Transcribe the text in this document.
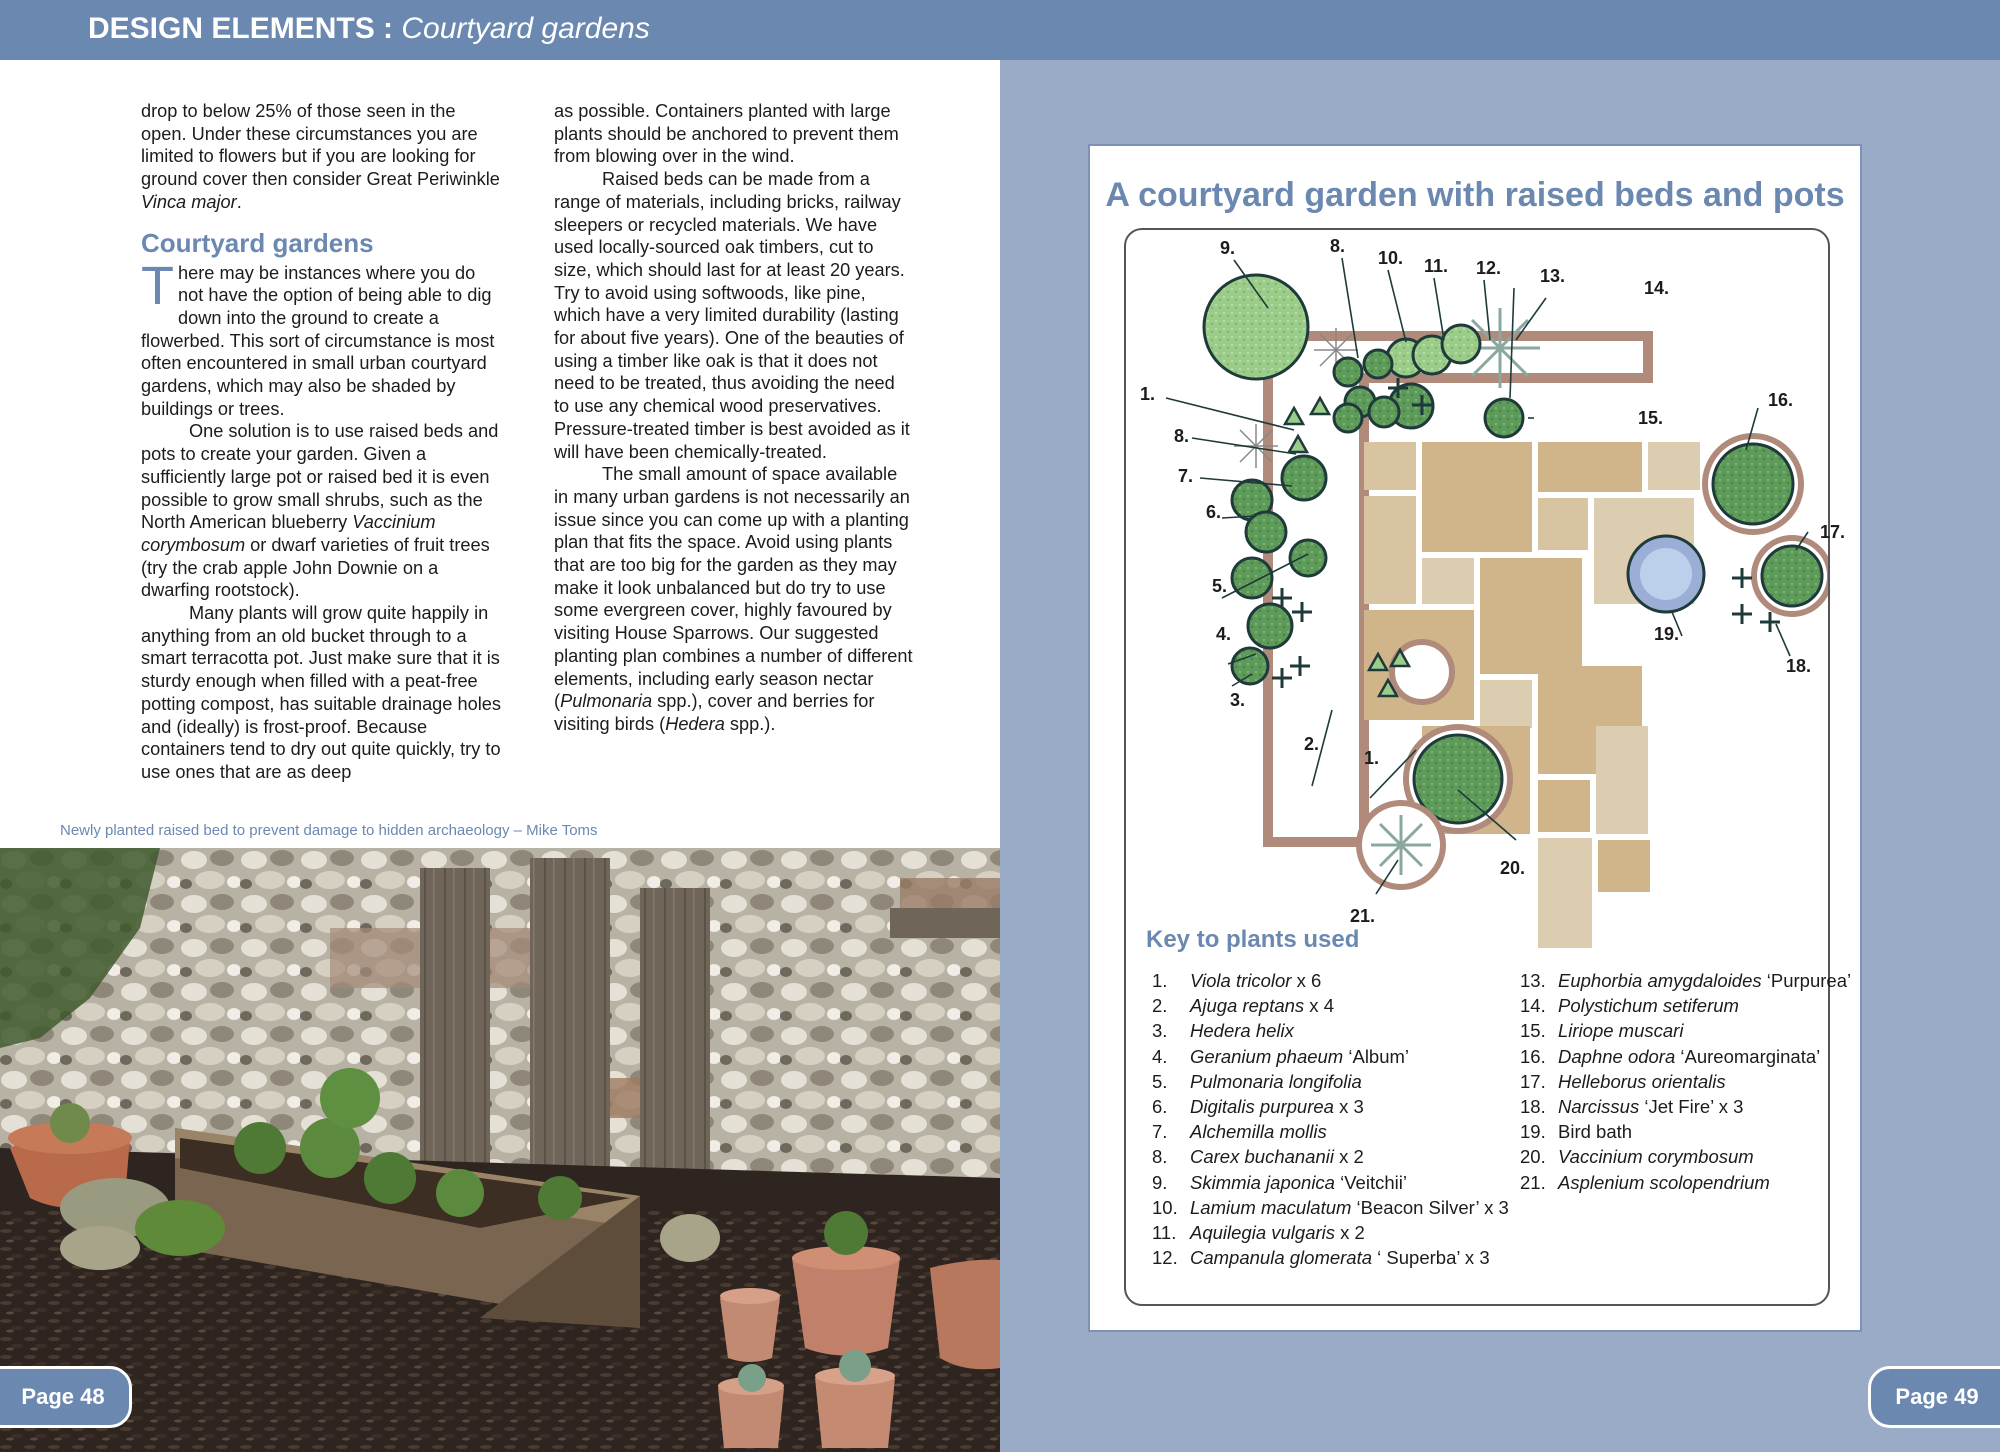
DESIGN ELEMENTS : Courtyard gardens

drop to below 25% of those seen in the open. Under these circumstances you are limited to flowers but if you are looking for ground cover then consider Great Periwinkle Vinca major.

Courtyard gardens

There may be instances where you do not have the option of being able to dig down into the ground to create a flowerbed. This sort of circumstance is most often encountered in small urban courtyard gardens, which may also be shaded by buildings or trees.

One solution is to use raised beds and pots to create your garden. Given a sufficiently large pot or raised bed it is even possible to grow small shrubs, such as the North American blueberry Vaccinium corymbosum or dwarf varieties of fruit trees (try the crab apple John Downie on a dwarfing rootstock).

Many plants will grow quite happily in anything from an old bucket through to a smart terracotta pot. Just make sure that it is sturdy enough when filled with a peat-free potting compost, has suitable drainage holes and (ideally) is frost-proof. Because containers tend to dry out quite quickly, try to use ones that are as deep

as possible. Containers planted with large plants should be anchored to prevent them from blowing over in the wind.

Raised beds can be made from a range of materials, including bricks, railway sleepers or recycled materials. We have used locally-sourced oak timbers, cut to size, which should last for at least 20 years. Try to avoid using softwoods, like pine, which have a very limited durability (lasting for about five years). One of the beauties of using a timber like oak is that it does not need to be treated, thus avoiding the need to use any chemical wood preservatives. Pressure-treated timber is best avoided as it will have been chemically-treated.

The small amount of space available in many urban gardens is not necessarily an issue since you can come up with a planting plan that fits the space. Avoid using plants that are too big for the garden as they may make it look unbalanced but do try to use some evergreen cover, highly favoured by visiting House Sparrows. Our suggested planting plan combines a number of different elements, including early season nectar (Pulmonaria spp.), cover and berries for visiting birds (Hedera spp.).

Newly planted raised bed to prevent damage to hidden archaeology – Mike Toms
Page 48	Page 49
A courtyard garden with raised beds and pots
9.	8.
10. 11. 12. 13.
14.
1.
8.
15.
16.
7.
6.
17.
5.
19.
4.
18.
3.
2.
1.
20.
21.
Key to plants used
1. Viola tricolor x 6
2. Ajuga reptans x 4
3. Hedera helix
4. Geranium phaeum ‘Album’
5. Pulmonaria longifolia
6. Digitalis purpurea x 3
7. Alchemilla mollis
8. Carex buchananii x 2
9. Skimmia japonica ‘Veitchii’
10. Lamium maculatum ‘Beacon Silver’ x 3
11. Aquilegia vulgaris x 2
12. Campanula glomerata ‘ Superba’ x 3
13. Euphorbia amygdaloides ‘Purpurea’
14. Polystichum setiferum
15. Liriope muscari
16. Daphne odora ‘Aureomarginata’
17. Helleborus orientalis
18. Narcissus ‘Jet Fire’ x 3
19. Bird bath
20. Vaccinium corymbosum
21. Asplenium scolopendrium
